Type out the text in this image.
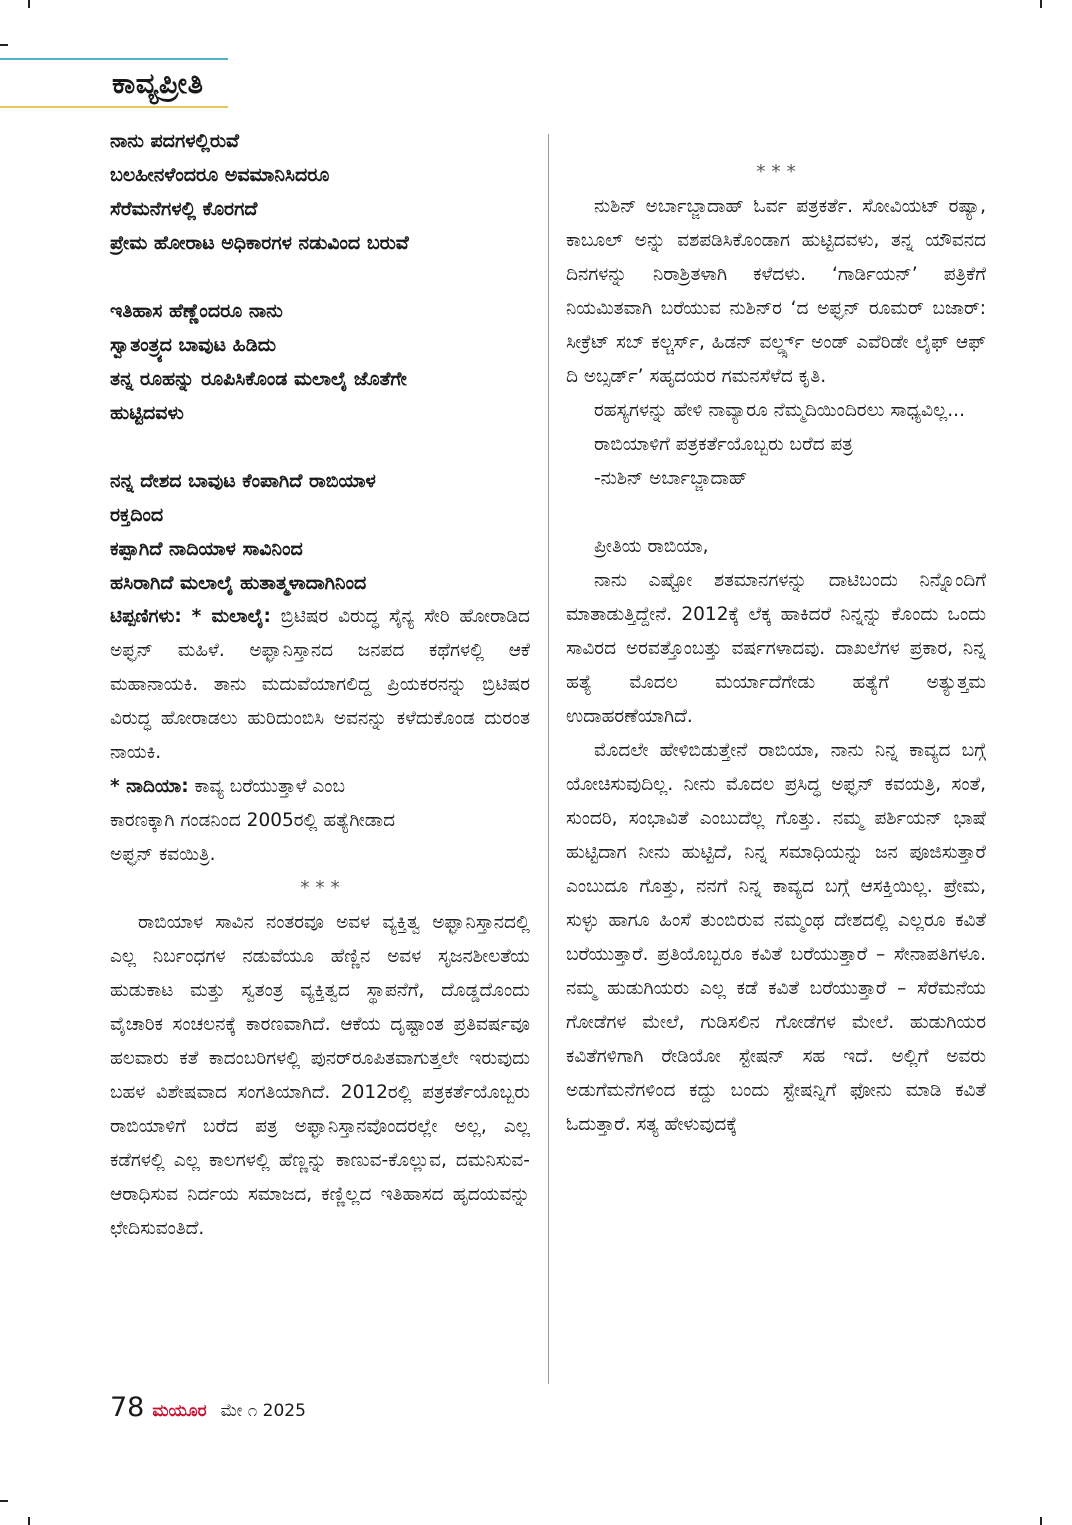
ಕಾವ್ಯಪ್ರೀತಿ
ನಾನು ಪದಗಳಲ್ಲಿರುವೆ
ಬಲಹೀನಳೆಂದರೂ ಅವಮಾನಿಸಿದರೂ
ಸೆರೆಮನೆಗಳಲ್ಲಿ ಕೊರಗದೆ
ಪ್ರೇಮ ಹೋರಾಟ ಅಧಿಕಾರಗಳ ನಡುವಿಂದ ಬರುವೆ
ಇತಿಹಾಸ ಹೆಣ್ಣೆಂದರೂ ನಾನು
ಸ್ವಾತಂತ್ರ್ಯದ ಬಾವುಟ ಹಿಡಿದು
ತನ್ನ ರೂಹನ್ನು ರೂಪಿಸಿಕೊಂಡ ಮಲಾಲೈ ಜೊತೆಗೇ
ಹುಟ್ಟಿದವಳು
ನನ್ನ ದೇಶದ ಬಾವುಟ ಕೆಂಪಾಗಿದೆ ರಾಬಿಯಾಳ
ರಕ್ತದಿಂದ
ಕಪ್ಪಾಗಿದೆ ನಾದಿಯಾಳ ಸಾವಿನಿಂದ
ಹಸಿರಾಗಿದೆ ಮಲಾಲೈ ಹುತಾತ್ಮಳಾದಾಗಿನಿಂದ

ಟಿಪ್ಪಣಿಗಳು: * ಮಲಾಲೈ: ಬ್ರಿಟಿಷರ ವಿರುದ್ಧ ಸೈನ್ಯ ಸೇರಿ ಹೋರಾಡಿದ ಅಫ್ಘನ್ ಮಹಿಳೆ. ಅಫ್ಘಾನಿಸ್ತಾನದ ಜನಪದ ಕಥೆಗಳಲ್ಲಿ ಆಕೆ ಮಹಾನಾಯಕಿ. ತಾನು ಮದುವೆಯಾಗಲಿದ್ದ ಪ್ರಿಯಕರನನ್ನು ಬ್ರಿಟಿಷರ ವಿರುದ್ಧ ಹೋರಾಡಲು ಹುರಿದುಂಬಿಸಿ ಅವನನ್ನು ಕಳೆದುಕೊಂಡ ದುರಂತ ನಾಯಕಿ.

* ನಾದಿಯಾ: ಕಾವ್ಯ ಬರೆಯುತ್ತಾಳೆ ಎಂಬ

ಕಾರಣಕ್ಕಾಗಿ ಗಂಡನಿಂದ 2005ರಲ್ಲಿ ಹತ್ಯೆಗೀಡಾದ

ಅಫ್ಘನ್ ಕವಯಿತ್ರಿ.

* * *

ರಾಬಿಯಾಳ ಸಾವಿನ ನಂತರವೂ ಅವಳ ವ್ಯಕ್ತಿತ್ವ ಅಫ್ಘಾನಿಸ್ತಾನದಲ್ಲಿ ಎಲ್ಲ ನಿರ್ಬಂಧಗಳ ನಡುವೆಯೂ ಹೆಣ್ಣಿನ ಅವಳ ಸೃಜನಶೀಲತೆಯ ಹುಡುಕಾಟ ಮತ್ತು ಸ್ವತಂತ್ರ ವ್ಯಕ್ತಿತ್ವದ ಸ್ಥಾಪನೆಗೆ, ದೊಡ್ಡದೊಂದು ವೈಚಾರಿಕ ಸಂಚಲನಕ್ಕೆ ಕಾರಣವಾಗಿದೆ. ಆಕೆಯ ದೃಷ್ಟಾಂತ ಪ್ರತಿವರ್ಷವೂ ಹಲವಾರು ಕತೆ ಕಾದಂಬರಿಗಳಲ್ಲಿ ಪುನರ್‌ರೂಪಿತವಾಗುತ್ತಲೇ ಇರುವುದು ಬಹಳ ವಿಶೇಷವಾದ ಸಂಗತಿಯಾಗಿದೆ. 2012ರಲ್ಲಿ ಪತ್ರಕರ್ತೆಯೊಬ್ಬರು ರಾಬಿಯಾಳಿಗೆ ಬರೆದ ಪತ್ರ ಅಫ್ಘಾನಿಸ್ತಾನವೊಂದರಲ್ಲೇ ಅಲ್ಲ, ಎಲ್ಲ ಕಡೆಗಳಲ್ಲಿ ಎಲ್ಲ ಕಾಲಗಳಲ್ಲಿ ಹೆಣ್ಣನ್ನು ಕಾಣುವ-ಕೊಲ್ಲುವ, ದಮನಿಸುವ- ಆರಾಧಿಸುವ ನಿರ್ದಯ ಸಮಾಜದ, ಕಣ್ಣಿಲ್ಲದ ಇತಿಹಾಸದ ಹೃದಯವನ್ನು ಛೇದಿಸುವಂತಿದೆ.

* * *

ನುಶಿನ್ ಅರ್ಬಾಬ್ಜಾದಾಹ್ ಓರ್ವ ಪತ್ರಕರ್ತೆ. ಸೋವಿಯಟ್ ರಷ್ಯಾ, ಕಾಬೂಲ್ ಅನ್ನು ವಶಪಡಿಸಿಕೊಂಡಾಗ ಹುಟ್ಟಿದವಳು, ತನ್ನ ಯೌವನದ ದಿನಗಳನ್ನು ನಿರಾಶ್ರಿತಳಾಗಿ ಕಳೆದಳು. ‘ಗಾರ್ಡಿಯನ್’ ಪತ್ರಿಕೆಗೆ ನಿಯಮಿತವಾಗಿ ಬರೆಯುವ ನುಶಿನ್‌ರ ‘ದ ಅಫ್ಘನ್ ರೂಮರ್ ಬಜಾರ್: ಸೀಕ್ರೆಟ್ ಸಬ್ ಕಲ್ಚರ್ಸ್, ಹಿಡನ್ ವರ್ಲ್ಡ್ಸ್ ಅಂಡ್ ಎವೆರಿಡೇ ಲೈಫ್ ಆಫ್ ದಿ ಅಬ್ಸರ್ಡ್’ ಸಹೃದಯರ ಗಮನಸೆಳೆದ ಕೃತಿ.

ರಹಸ್ಯಗಳನ್ನು ಹೇಳಿ ನಾವ್ಯಾರೂ ನೆಮ್ಮದಿಯಿಂದಿರಲು ಸಾಧ್ಯವಿಲ್ಲ...

ರಾಬಿಯಾಳಿಗೆ ಪತ್ರಕರ್ತೆಯೊಬ್ಬರು ಬರೆದ ಪತ್ರ

-ನುಶಿನ್ ಅರ್ಬಾಬ್ಜಾದಾಹ್

ಪ್ರೀತಿಯ ರಾಬಿಯಾ,

ನಾನು ಎಷ್ಟೋ ಶತಮಾನಗಳನ್ನು ದಾಟಿಬಂದು ನಿನ್ನೊಂದಿಗೆ ಮಾತಾಡುತ್ತಿದ್ದೇನೆ. 2012ಕ್ಕೆ ಲೆಕ್ಕ ಹಾಕಿದರೆ ನಿನ್ನನ್ನು ಕೊಂದು ಒಂದು ಸಾವಿರದ ಅರವತ್ತೊಂಬತ್ತು ವರ್ಷಗಳಾದವು. ದಾಖಲೆಗಳ ಪ್ರಕಾರ, ನಿನ್ನ ಹತ್ಯೆ ಮೊದಲ ಮರ್ಯಾದೆಗೇಡು ಹತ್ಯೆಗೆ ಅತ್ಯುತ್ತಮ ಉದಾಹರಣೆಯಾಗಿದೆ.

ಮೊದಲೇ ಹೇಳಿಬಿಡುತ್ತೇನೆ ರಾಬಿಯಾ, ನಾನು ನಿನ್ನ ಕಾವ್ಯದ ಬಗ್ಗೆ ಯೋಚಿಸುವುದಿಲ್ಲ. ನೀನು ಮೊದಲ ಪ್ರಸಿದ್ಧ ಅಫ್ಘನ್ ಕವಯತ್ರಿ, ಸಂತೆ, ಸುಂದರಿ, ಸಂಭಾವಿತೆ ಎಂಬುದೆಲ್ಲ ಗೊತ್ತು. ನಮ್ಮ ಪರ್ಶಿಯನ್ ಭಾಷೆ ಹುಟ್ಟಿದಾಗ ನೀನು ಹುಟ್ಟಿದೆ, ನಿನ್ನ ಸಮಾಧಿಯನ್ನು ಜನ ಪೂಜಿಸುತ್ತಾರೆ ಎಂಬುದೂ ಗೊತ್ತು, ನನಗೆ ನಿನ್ನ ಕಾವ್ಯದ ಬಗ್ಗೆ ಆಸಕ್ತಿಯಿಲ್ಲ. ಪ್ರೇಮ, ಸುಳ್ಳು ಹಾಗೂ ಹಿಂಸೆ ತುಂಬಿರುವ ನಮ್ಮಂಥ ದೇಶದಲ್ಲಿ ಎಲ್ಲರೂ ಕವಿತೆ ಬರೆಯುತ್ತಾರೆ. ಪ್ರತಿಯೊಬ್ಬರೂ ಕವಿತೆ ಬರೆಯುತ್ತಾರೆ – ಸೇನಾಪತಿಗಳೂ. ನಮ್ಮ ಹುಡುಗಿಯರು ಎಲ್ಲ ಕಡೆ ಕವಿತೆ ಬರೆಯುತ್ತಾರೆ – ಸೆರೆಮನೆಯ ಗೋಡೆಗಳ ಮೇಲೆ, ಗುಡಿಸಲಿನ ಗೋಡೆಗಳ ಮೇಲೆ. ಹುಡುಗಿಯರ ಕವಿತೆಗಳಿಗಾಗಿ ರೇಡಿಯೋ ಸ್ಟೇಷನ್ ಸಹ ಇದೆ. ಅಲ್ಲಿಗೆ ಅವರು ಅಡುಗೆಮನೆಗಳಿಂದ ಕದ್ದು ಬಂದು ಸ್ಟೇಷನ್ನಿಗೆ ಫೋನು ಮಾಡಿ ಕವಿತೆ ಓದುತ್ತಾರೆ. ಸತ್ಯ ಹೇಳುವುದಕ್ಕೆ

78 ಮಯೂರ ಮೇ ೧ 2025
